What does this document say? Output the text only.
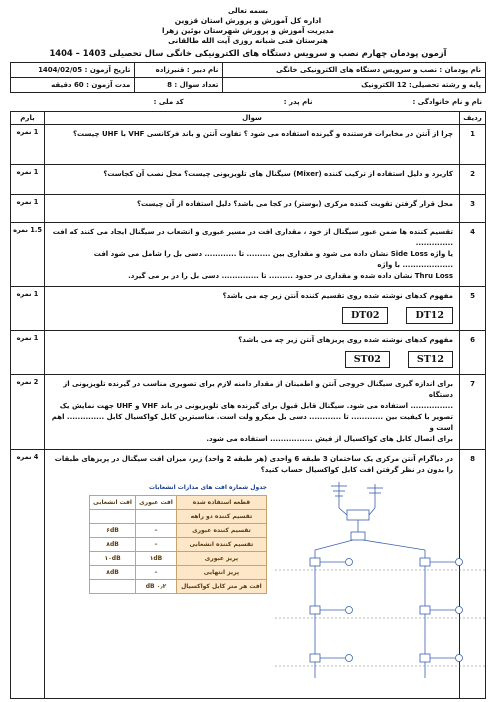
بسمه تعالی
اداره کل آموزش و پرورش استان قزوین
مدیریت آموزش و پرورش شهرستان بوئین زهرا
هنرستان فنی شبانه روزی آیت الله طالقانی
آزمون پودمان چهارم نصب و سرویس دستگاه های الکترونیکی خانگی سال تحصیلی 1403 – 1404
نام پودمان : نصب و سرویس دستگاه های الکترونیکی خانگی	نام دبیر : قنبرزاده	تاریخ آزمون : 1404/02/05
پایه و رشته تحصیلی: 12 الکترونیک	تعداد سوال : 8	مدت آزمون : 60 دقیقه
نام و نام خانوادگی :
نام پدر :
کد ملی :
ردیف	سوال	بارم
1	چرا از آنتن در مخابرات فرستنده و گیرنده استفاده می شود ؟ تفاوت آنتن و باند فرکانسی VHF با UHF چیست؟	1 نمره
2	کاربرد و دلیل استفاده از ترکیب کننده (Mixer) سیگنال های تلویزیونی چیست؟ محل نصب آن کجاست؟	1 نمره
3	محل قرار گرفتن تقویت کننده مرکزی (بوستر) در کجا می باشد؟ دلیل استفاده از آن چیست؟	1 نمره
4	
تقسیم کننده ها ضمن عبور سیگنال از خود ، مقداری افت در مسیر عبوری و انشعاب در سیگنال ایجاد می کنند که افت ..............
یا واژه Side Loss نشان داده می شود و مقداری بین ......... تا ............ دسی بل را شامل می شود افت ................... با واژه
Thru Loss نشان داده شده و مقداری در حدود ......... تا .............. دسی بل را در بر می گیرد.
	1.5 نمره
5	
مفهوم کدهای نوشته شده روی تقسیم کننده آنتن زیر چه می باشد؟
DT02	DT12
	1 نمره
6	
مفهوم کدهای نوشته شده روی پریزهای آنتن زیر چه می باشد؟
ST02	ST12
	1 نمره
7	
برای اندازه گیری سیگنال خروجی آنتن و اطمینان از مقدار دامنه لازم برای تصویری مناسب در گیرنده تلویزیونی از دستگاه
................ استفاده می شود. سیگنال قابل قبول برای گیرنده های تلویزیونی در باند VHF و UHF جهت نمایش یک
تصویر با کیفیت بین ............ تا ............ دسی بل میکرو ولت است. مناسبترین کابل کواکسیال کابل .............. اهم است و
برای اتصال کابل های کواکسیال از فیش ................ استفاده می شود.
	2 نمره
8	
در دیاگرام آنتن مرکزی یک ساختمان 3 طبقه 6 واحدی (هر طبقه 2 واحد) زیر، میزان افت سیگنال در پریزهای طبقات را بدون در نظر گرفتن افت کابل کواکسیال حساب کنید؟
جدول شماره افت های مدارات انشعابات
قطعه استفاده شده	افت عبوری	افت انشعابی
تقسیم کننده دو راهه		
تقسیم کننده عبوری	–	۶dB
تقسیم کننده انشعابی	–	۸dB
پریز عبوری	۱dB	۱۰dB
پریز انتهایی	–	۸dB
افت هر متر کابل کواکسیال	۰٫۲ dB	
	4 نمره
